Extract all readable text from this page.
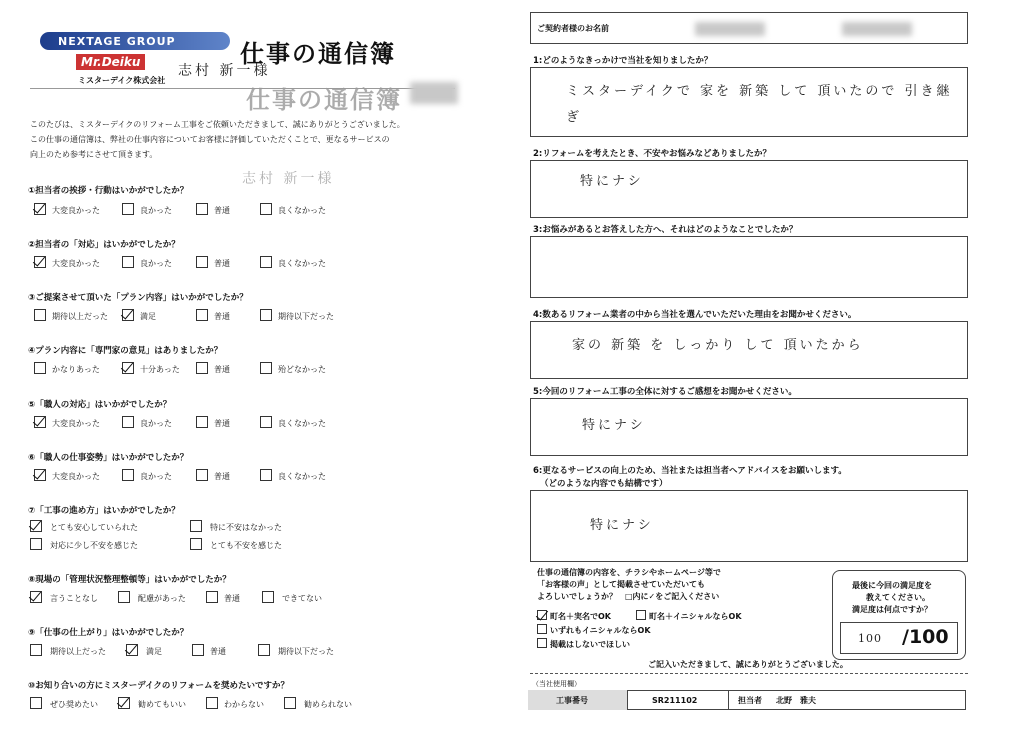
NEXTAGE GROUP
Mr.Deiku
ミスターデイク株式会社
仕事の通信簿
仕事の通信簿
志村 新一様
志村 新一様
このたびは、ミスターデイクのリフォーム工事をご依頼いただきまして、誠にありがとうございました。
この仕事の通信簿は、弊社の仕事内容についてお客様に評価していただくことで、更なるサービスの
向上のため参考にさせて頂きます。
①担当者の挨拶・行動はいかがでしたか？
大変良かった	良かった	普通	良くなかった
②担当者の「対応」はいかがでしたか？
大変良かった	良かった	普通	良くなかった
③ご提案させて頂いた「プラン内容」はいかがでしたか？
期待以上だった	満足	普通	期待以下だった
④プラン内容に「専門家の意見」はありましたか？
かなりあった	十分あった	普通	殆どなかった
⑤「職人の対応」はいかがでしたか？
大変良かった	良かった	普通	良くなかった
⑥「職人の仕事姿勢」はいかがでしたか？
大変良かった	良かった	普通	良くなかった
⑦「工事の進め方」はいかがでしたか？
とても安心していられた	特に不安はなかった
対応に少し不安を感じた	とても不安を感じた
⑧現場の「管理状況整理整頓等」はいかがでしたか？
言うことなし	配慮があった	普通	できてない
⑨「仕事の仕上がり」はいかがでしたか？
期待以上だった	満足	普通	期待以下だった
⑩お知り合いの方にミスターデイクのリフォームを奨めたいですか？
ぜひ奨めたい	勧めてもいい	わからない	勧められない
ご契約者様のお名前
1:どのようなきっかけで当社を知りましたか？
ミスターデイクで 家を 新築 して 頂いたので 引き継ぎ
2:リフォームを考えたとき、不安やお悩みなどありましたか？
特にナシ
3:お悩みがあるとお答えした方へ、それはどのようなことでしたか？
4:数あるリフォーム業者の中から当社を選んでいただいた理由をお聞かせください。
家の 新築 を しっかり して 頂いたから
5:今回のリフォーム工事の全体に対するご感想をお聞かせください。
特にナシ
6:更なるサービスの向上のため、当社または担当者へアドバイスをお願いします。
（どのような内容でも結構です）
特にナシ
仕事の通信簿の内容を、チラシやホームページ等で
「お客様の声」として掲載させていただいても
よろしいでしょうか？　□内に✓をご記入ください
町名＋実名でOK	町名＋イニシャルならOK
いずれもイニシャルならOK
掲載はしないでほしい
最後に今回の満足度を
教えてください。
満足度は何点ですか？
100 /100
ご記入いただきまして、誠にありがとうございました。
（当社使用欄）
工事番号	SR211102	担当者 北野　雅夫
